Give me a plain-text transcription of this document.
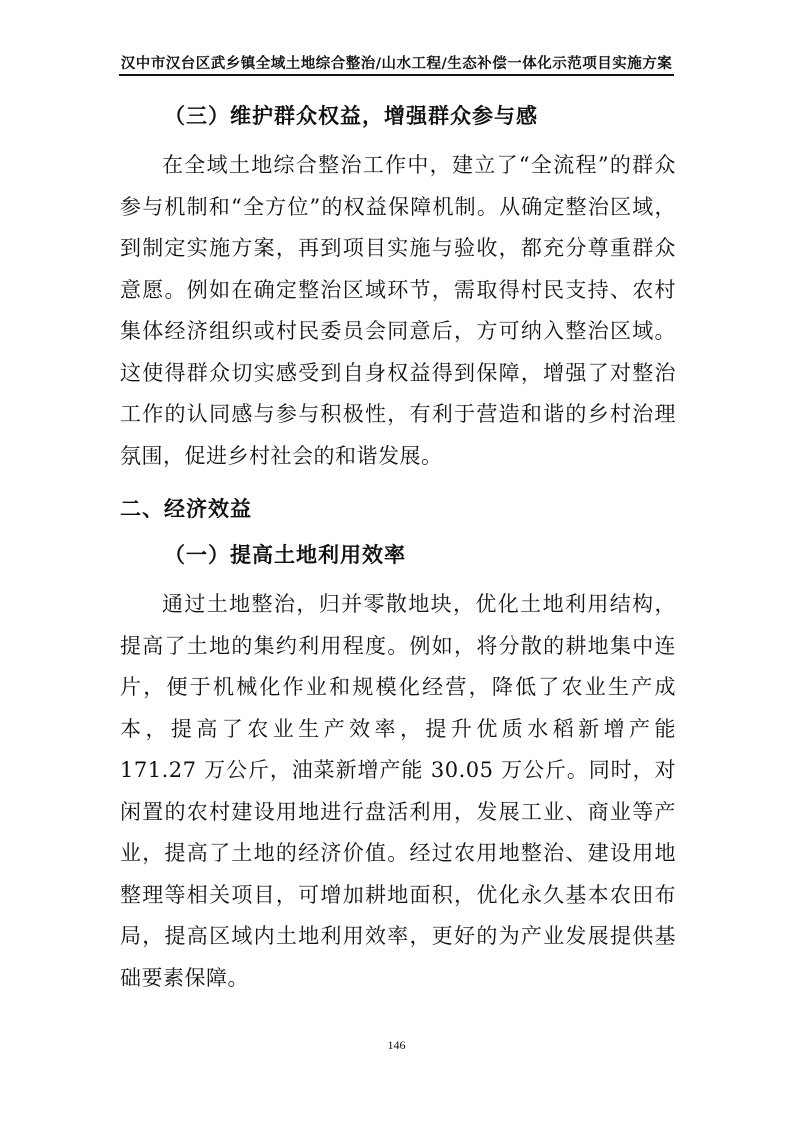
汉中市汉台区武乡镇全域土地综合整治/山水工程/生态补偿一体化示范项目实施方案
（三）维护群众权益，增强群众参与感

在全域土地综合整治工作中，建立了“全流程”的群众参与机制和“全方位”的权益保障机制。从确定整治区域，到制定实施方案，再到项目实施与验收，都充分尊重群众意愿。例如在确定整治区域环节，需取得村民支持、农村集体经济组织或村民委员会同意后，方可纳入整治区域。这使得群众切实感受到自身权益得到保障，增强了对整治工作的认同感与参与积极性，有利于营造和谐的乡村治理氛围，促进乡村社会的和谐发展。

二、经济效益
（一）提高土地利用效率

通过土地整治，归并零散地块，优化土地利用结构，提高了土地的集约利用程度。例如，将分散的耕地集中连片，便于机械化作业和规模化经营，降低了农业生产成本，提高了农业生产效率，提升优质水稻新增产能 171.27 万公斤，油菜新增产能 30.05 万公斤。同时，对闲置的农村建设用地进行盘活利用，发展工业、商业等产业，提高了土地的经济价值。经过农用地整治、建设用地整理等相关项目，可增加耕地面积，优化永久基本农田布局，提高区域内土地利用效率，更好的为产业发展提供基础要素保障。

146
